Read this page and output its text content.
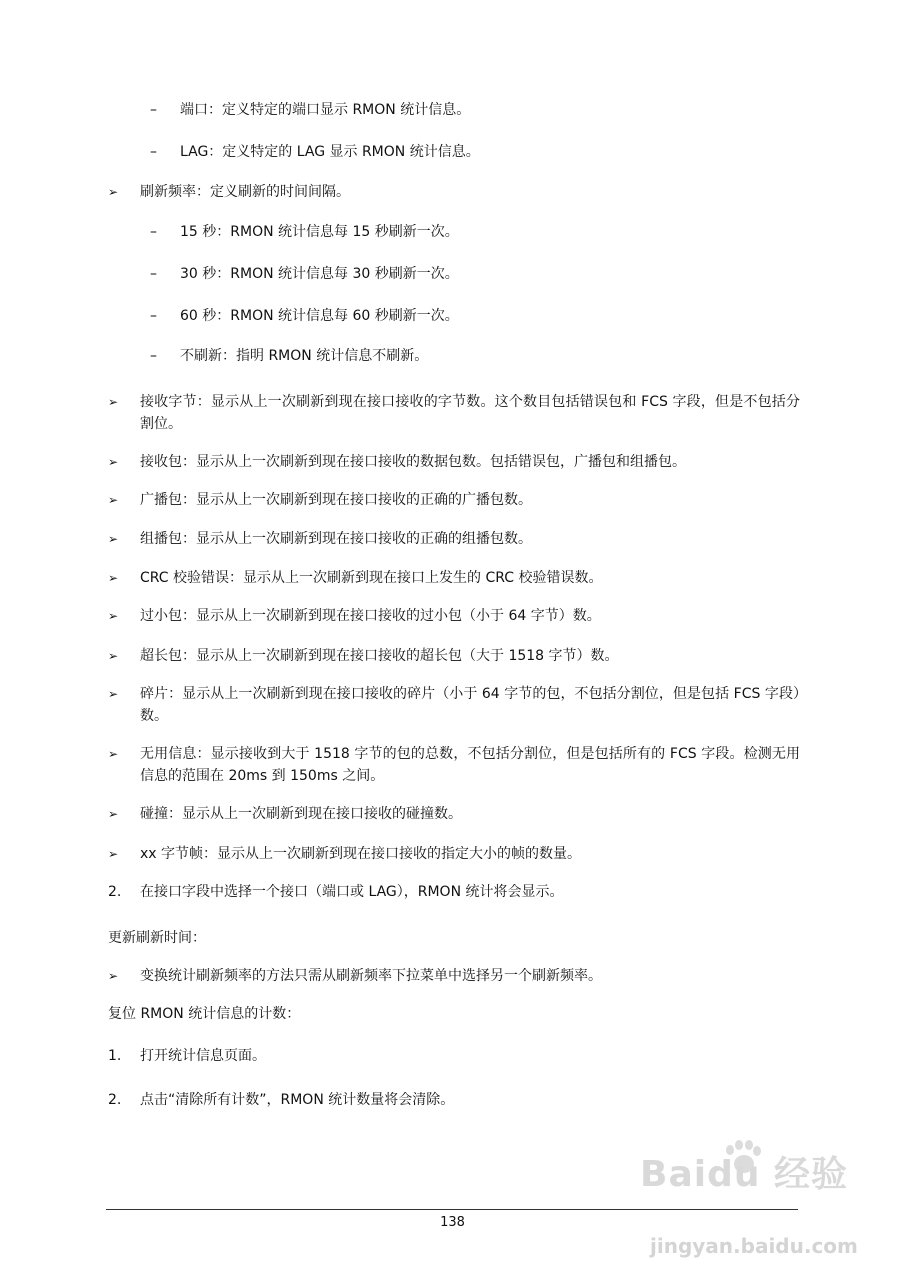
– 端口：定义特定的端口显示 RMON 统计信息。
– LAG：定义特定的 LAG 显示 RMON 统计信息。
➢ 刷新频率：定义刷新的时间间隔。
– 15 秒：RMON 统计信息每 15 秒刷新一次。
– 30 秒：RMON 统计信息每 30 秒刷新一次。
– 60 秒：RMON 统计信息每 60 秒刷新一次。
– 不刷新：指明 RMON 统计信息不刷新。
➢ 接收字节：显示从上一次刷新到现在接口接收的字节数。这个数目包括错误包和 FCS 字段，但是不包括分割位。
➢ 接收包：显示从上一次刷新到现在接口接收的数据包数。包括错误包，广播包和组播包。
➢ 广播包：显示从上一次刷新到现在接口接收的正确的广播包数。
➢ 组播包：显示从上一次刷新到现在接口接收的正确的组播包数。
➢ CRC 校验错误：显示从上一次刷新到现在接口上发生的 CRC 校验错误数。
➢ 过小包：显示从上一次刷新到现在接口接收的过小包（小于 64 字节）数。
➢ 超长包：显示从上一次刷新到现在接口接收的超长包（大于 1518 字节）数。
➢ 碎片：显示从上一次刷新到现在接口接收的碎片（小于 64 字节的包，不包括分割位，但是包括 FCS 字段）数。
➢ 无用信息：显示接收到大于 1518 字节的包的总数，不包括分割位，但是包括所有的 FCS 字段。检测无用信息的范围在 20ms 到 150ms 之间。
➢ 碰撞：显示从上一次刷新到现在接口接收的碰撞数。
➢ xx 字节帧：显示从上一次刷新到现在接口接收的指定大小的帧的数量。
2. 在接口字段中选择一个接口（端口或 LAG），RMON 统计将会显示。
更新刷新时间：
➢ 变换统计刷新频率的方法只需从刷新频率下拉菜单中选择另一个刷新频率。
复位 RMON 统计信息的计数：
1. 打开统计信息页面。
2. 点击“清除所有计数”，RMON 统计数量将会清除。
138
Baidu 经验
jingyan.baidu.com
